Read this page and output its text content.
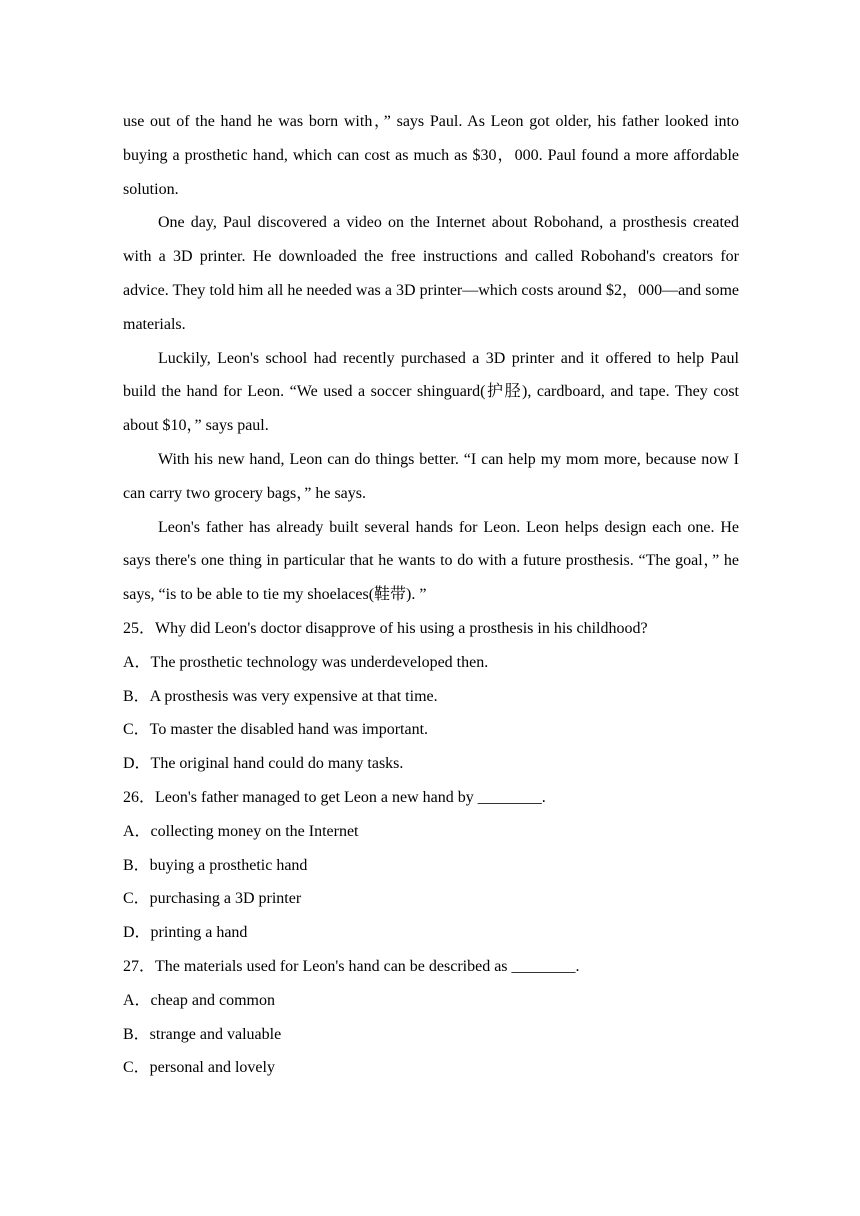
use out of the hand he was born with，” says Paul. As Leon got older, his father looked into buying a prosthetic hand, which can cost as much as $30，000. Paul found a more affordable solution.

One day, Paul discovered a video on the Internet about Robohand, a prosthesis created with a 3D printer. He downloaded the free instructions and called Robohand's creators for advice. They told him all he needed was a 3D printer—which costs around $2，000—and some materials.

Luckily, Leon's school had recently purchased a 3D printer and it offered to help Paul build the hand for Leon. “We used a soccer shinguard(护胫), cardboard, and tape. They cost about $10，” says paul.

With his new hand, Leon can do things better. “I can help my mom more, because now I can carry two grocery bags，” he says.

Leon's father has already built several hands for Leon. Leon helps design each one. He says there's one thing in particular that he wants to do with a future prosthesis. “The goal，” he says, “is to be able to tie my shoelaces(鞋带). ”

25．Why did Leon's doctor disapprove of his using a prosthesis in his childhood?

A．The prosthetic technology was underdeveloped then.

B．A prosthesis was very expensive at that time.

C．To master the disabled hand was important.

D．The original hand could do many tasks.

26．Leon's father managed to get Leon a new hand by ________.

A．collecting money on the Internet

B．buying a prosthetic hand

C．purchasing a 3D printer

D．printing a hand

27．The materials used for Leon's hand can be described as ________.

A．cheap and common

B．strange and valuable

C．personal and lovely
